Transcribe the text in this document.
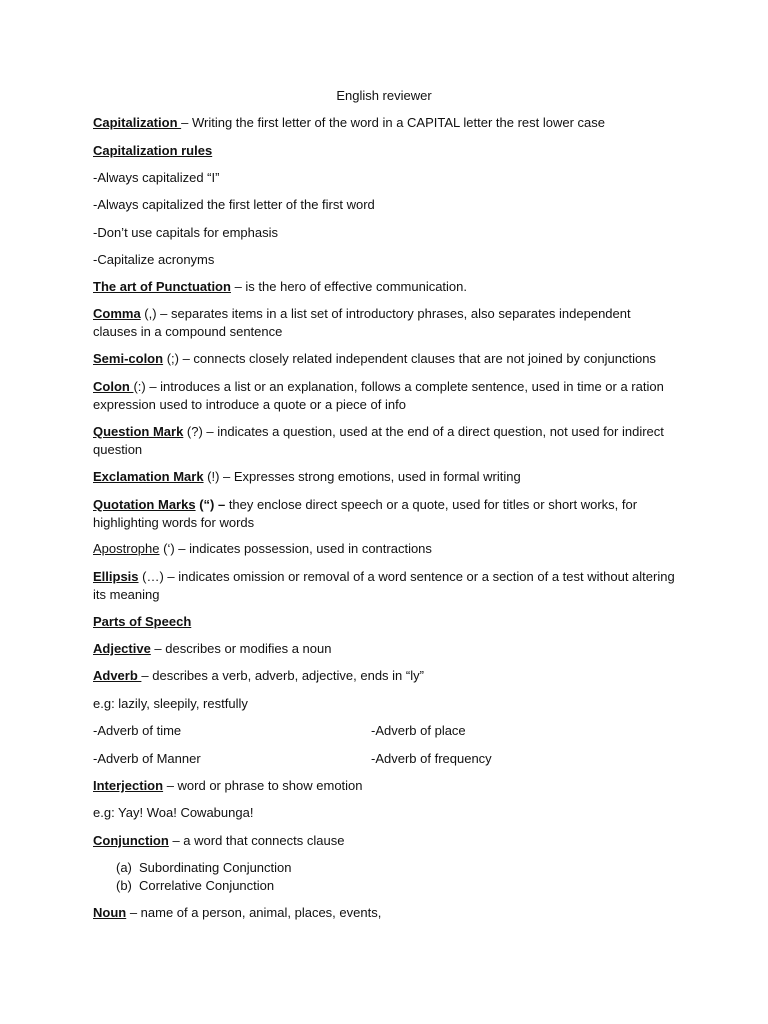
English reviewer
Capitalization – Writing the first letter of the word in a CAPITAL letter the rest lower case
Capitalization rules
-Always capitalized “I”
-Always capitalized the first letter of the first word
-Don’t use capitals for emphasis
-Capitalize acronyms
The art of Punctuation – is the hero of effective communication.
Comma (,) – separates items in a list set of introductory phrases, also separates independent clauses in a compound sentence
Semi-colon (;) – connects closely related independent clauses that are not joined by conjunctions
Colon (:) – introduces a list or an explanation, follows a complete sentence, used in time or a ration expression used to introduce a quote or a piece of info
Question Mark (?) – indicates a question, used at the end of a direct question, not used for indirect question
Exclamation Mark (!) – Expresses strong emotions, used in formal writing
Quotation Marks (“) – they enclose direct speech or a quote, used for titles or short works, for highlighting words for words
Apostrophe (‘) – indicates possession, used in contractions
Ellipsis (…) – indicates omission or removal of a word sentence or a section of a test without altering its meaning
Parts of Speech
Adjective – describes or modifies a noun
Adverb – describes a verb, adverb, adjective, ends in “ly”
e.g: lazily, sleepily, restfully
-Adverb of time	-Adverb of place
-Adverb of Manner	-Adverb of frequency
Interjection – word or phrase to show emotion
e.g: Yay! Woa! Cowabunga!
Conjunction – a word that connects clause
(a) Subordinating Conjunction
(b) Correlative Conjunction
Noun – name of a person, animal, places, events,
